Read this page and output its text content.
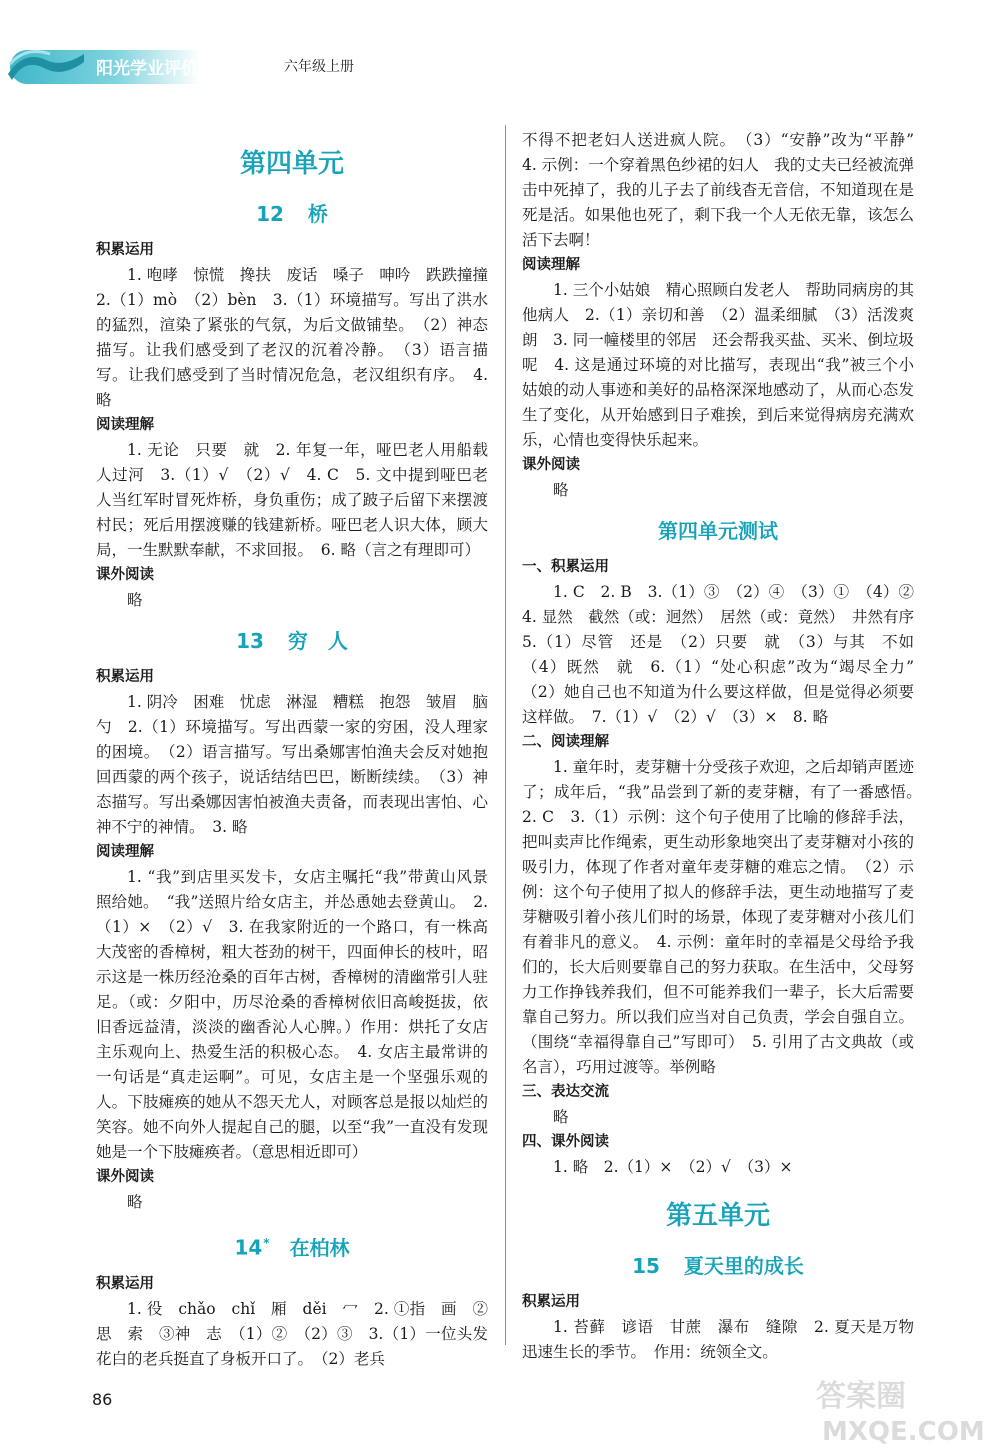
阳光学业评价·语文	六年级上册
第四单元
12 桥
积累运用

1. 咆哮　惊慌　搀扶　废话　嗓子　呻吟　跌跌撞撞　2.（1）mò　（2）bèn　3.（1）环境描写。写出了洪水的猛烈，渲染了紧张的气氛，为后文做铺垫。　（2）神态描写。让我们感受到了老汉的沉着冷静。　（3）语言描写。让我们感受到了当时情况危急，老汉组织有序。　4. 略

阅读理解

1. 无论　只要　就　2. 年复一年，哑巴老人用船载人过河　3.（1）√　（2）√　4. C　5. 文中提到哑巴老人当红军时冒死炸桥，身负重伤；成了跛子后留下来摆渡村民；死后用摆渡赚的钱建新桥。哑巴老人识大体，顾大局，一生默默奉献，不求回报。　6. 略（言之有理即可）

课外阅读

略

13 穷　人
积累运用

1. 阴冷　困难　忧虑　淋湿　糟糕　抱怨　皱眉　脑勺　2.（1）环境描写。写出西蒙一家的穷困，没人理家的困境。　（2）语言描写。写出桑娜害怕渔夫会反对她抱回西蒙的两个孩子，说话结结巴巴，断断续续。　（3）神态描写。写出桑娜因害怕被渔夫责备，而表现出害怕、心神不宁的神情。　3. 略

阅读理解

1. “我”到店里买发卡，女店主嘱托“我”带黄山风景照给她。　“我”送照片给女店主，并怂恿她去登黄山。　2.（1）×　（2）√　3. 在我家附近的一个路口，有一株高大茂密的香樟树，粗大苍劲的树干，四面伸长的枝叶，昭示这是一株历经沧桑的百年古树，香樟树的清幽常引人驻足。（或：夕阳中，历尽沧桑的香樟树依旧高峻挺拔，依旧香远益清，淡淡的幽香沁人心脾。）作用：烘托了女店主乐观向上、热爱生活的积极心态。　4. 女店主最常讲的一句话是“真走运啊”。可见，女店主是一个坚强乐观的人。下肢瘫痪的她从不怨天尤人，对顾客总是报以灿烂的笑容。她不向外人提起自己的腿，以至“我”一直没有发现她是一个下肢瘫痪者。（意思相近即可）

课外阅读

略

14* 在柏林
积累运用

1. 役　chǎo　chǐ　厢　děi　冖　2. ①指　画　②思　索　③神　志　（1）②　（2）③　3.（1）一位头发花白的老兵挺直了身板开口了。　（2）老兵

不得不把老妇人送进疯人院。　（3）“安静”改为“平静”　4. 示例：一个穿着黑色纱裙的妇人　我的丈夫已经被流弹击中死掉了，我的儿子去了前线杳无音信，不知道现在是死是活。如果他也死了，剩下我一个人无依无靠，该怎么活下去啊！

阅读理解

1. 三个小姑娘　精心照顾白发老人　帮助同病房的其他病人　2.（1）亲切和善　（2）温柔细腻　（3）活泼爽朗　3. 同一幢楼里的邻居　还会帮我买盐、买米、倒垃圾呢　4. 这是通过环境的对比描写，表现出“我”被三个小姑娘的动人事迹和美好的品格深深地感动了，从而心态发生了变化，从开始感到日子难挨，到后来觉得病房充满欢乐，心情也变得快乐起来。

课外阅读

略

第四单元测试
一、积累运用

1. C　2. B　3.（1）③　（2）④　（3）①　（4）②　4. 显然　截然（或：迥然）　居然（或：竟然）　井然有序　5.（1）尽管　还是　（2）只要　就　（3）与其　不如　（4）既然　就　6.（1）“处心积虑”改为“竭尽全力”　（2）她自己也不知道为什么要这样做，但是觉得必须要这样做。　7.（1）√　（2）√　（3）×　8. 略

二、阅读理解

1. 童年时，麦芽糖十分受孩子欢迎，之后却销声匿迹了；成年后，“我”品尝到了新的麦芽糖，有了一番感悟。　2. C　3.（1）示例：这个句子使用了比喻的修辞手法，把叫卖声比作绳索，更生动形象地突出了麦芽糖对小孩的吸引力，体现了作者对童年麦芽糖的难忘之情。　（2）示例：这个句子使用了拟人的修辞手法，更生动地描写了麦芽糖吸引着小孩儿们时的场景，体现了麦芽糖对小孩儿们有着非凡的意义。　4. 示例：童年时的幸福是父母给予我们的，长大后则要靠自己的努力获取。在生活中，父母努力工作挣钱养我们，但不可能养我们一辈子，长大后需要靠自己努力。所以我们应当对自己负责，学会自强自立。（围绕“幸福得靠自己”写即可）　5. 引用了古文典故（或名言），巧用过渡等。举例略

三、表达交流

略

四、课外阅读

1. 略　2.（1）×　（2）√　（3）×

第五单元
15 夏天里的成长
积累运用

1. 苔藓　谚语　甘蔗　瀑布　缝隙　2. 夏天是万物迅速生长的季节。　作用：统领全文。

86	答案圈
MXQE.COM
